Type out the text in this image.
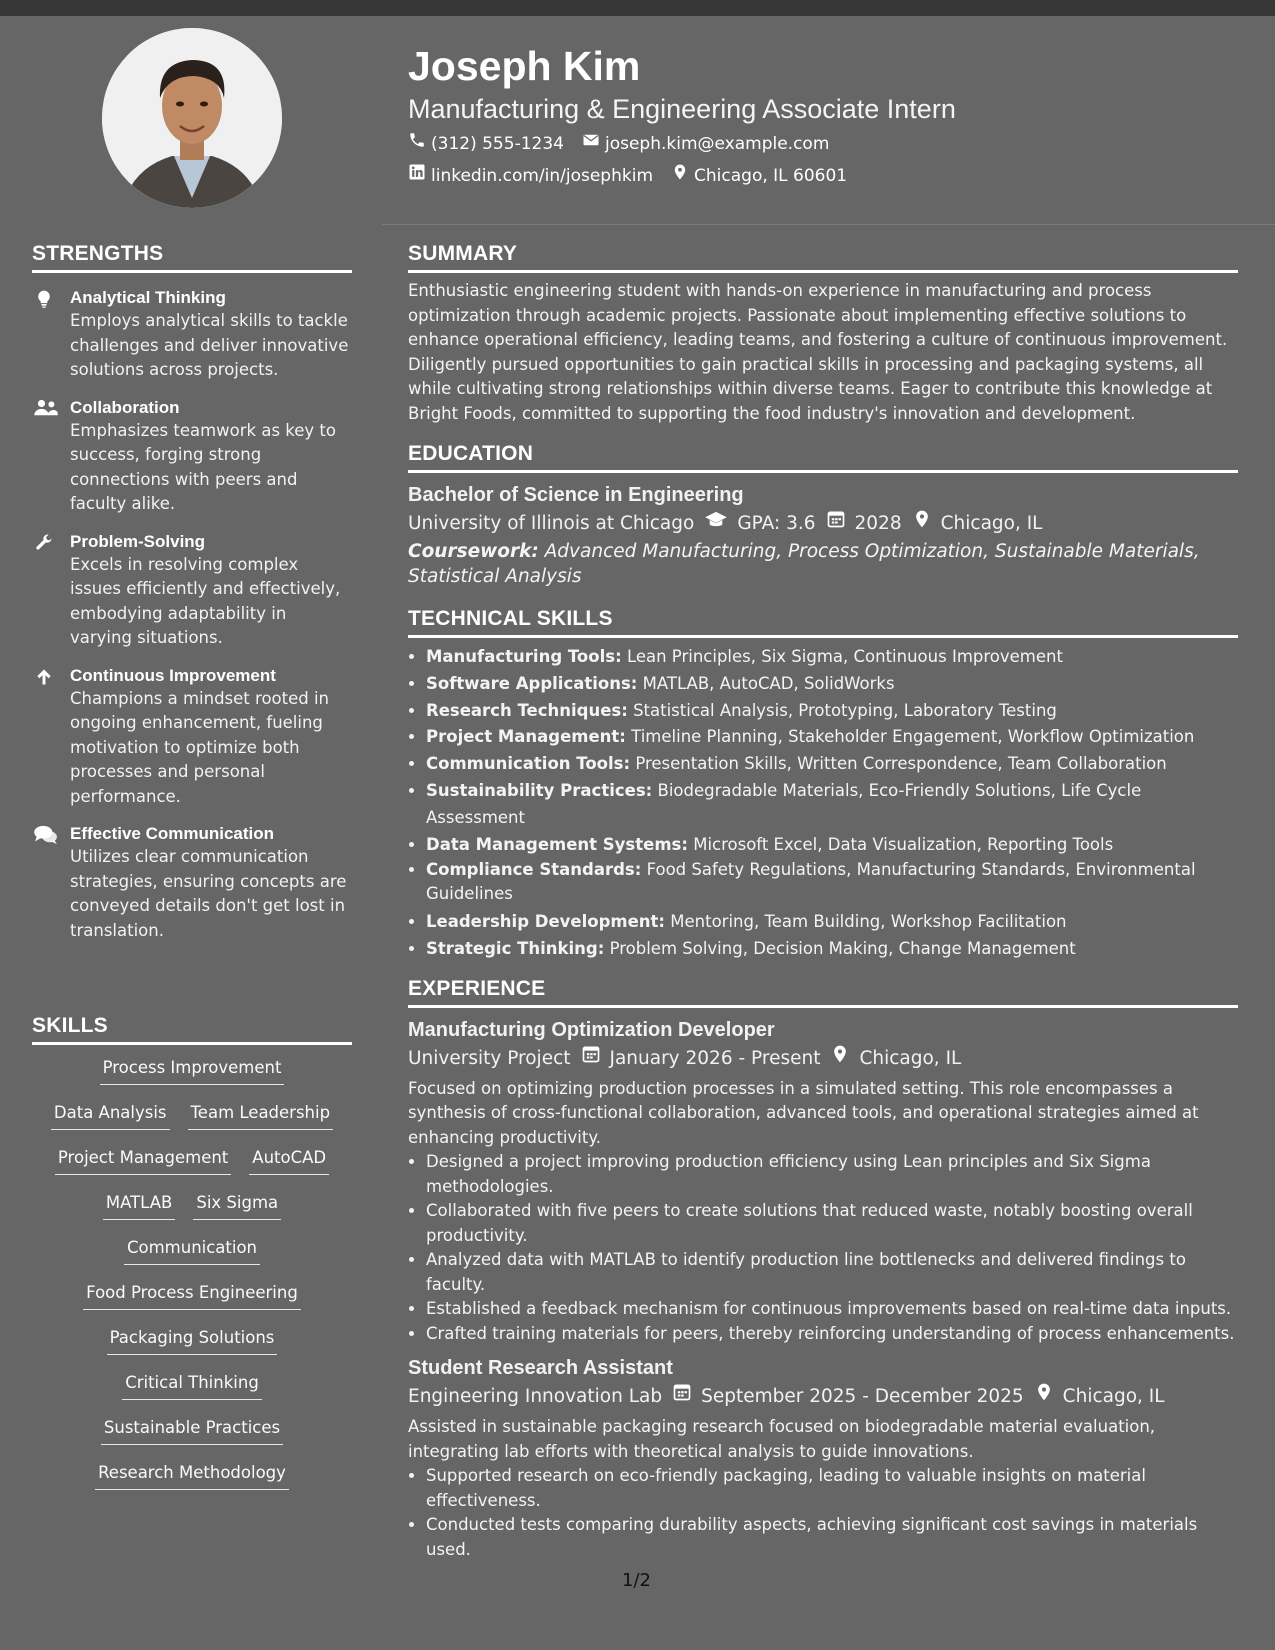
STRENGTHS
Analytical Thinking
Employs analytical skills to tackle challenges and deliver innovative solutions across projects.
Collaboration
Emphasizes teamwork as key to success, forging strong connections with peers and faculty alike.
Problem-Solving
Excels in resolving complex issues efficiently and effectively, embodying adaptability in varying situations.
Continuous Improvement
Champions a mindset rooted in ongoing enhancement, fueling motivation to optimize both processes and personal performance.
Effective Communication
Utilizes clear communication strategies, ensuring concepts are conveyed details don't get lost in translation.
SKILLS
Process Improvement
Data Analysis Team Leadership
Project Management AutoCAD
MATLAB Six Sigma
Communication
Food Process Engineering
Packaging Solutions
Critical Thinking
Sustainable Practices
Research Methodology
Joseph Kim
Manufacturing & Engineering Associate Intern
(312) 555-1234 joseph.kim@example.com
linkedin.com/in/josephkim Chicago, IL 60601
SUMMARY

Enthusiastic engineering student with hands-on experience in manufacturing and process optimization through academic projects. Passionate about implementing effective solutions to enhance operational efficiency, leading teams, and fostering a culture of continuous improvement. Diligently pursued opportunities to gain practical skills in processing and packaging systems, all while cultivating strong relationships within diverse teams. Eager to contribute this knowledge at Bright Foods, committed to supporting the food industry's innovation and development.

EDUCATION
Bachelor of Science in Engineering
University of Illinois at Chicago GPA: 3.6 2028 Chicago, IL
Coursework: Advanced Manufacturing, Process Optimization, Sustainable Materials, Statistical Analysis
TECHNICAL SKILLS
• Manufacturing Tools: Lean Principles, Six Sigma, Continuous Improvement
• Software Applications: MATLAB, AutoCAD, SolidWorks
• Research Techniques: Statistical Analysis, Prototyping, Laboratory Testing
• Project Management: Timeline Planning, Stakeholder Engagement, Workflow Optimization
• Communication Tools: Presentation Skills, Written Correspondence, Team Collaboration
• Sustainability Practices: Biodegradable Materials, Eco-Friendly Solutions, Life Cycle Assessment
• Data Management Systems: Microsoft Excel, Data Visualization, Reporting Tools
• Compliance Standards: Food Safety Regulations, Manufacturing Standards, Environmental Guidelines
• Leadership Development: Mentoring, Team Building, Workshop Facilitation
• Strategic Thinking: Problem Solving, Decision Making, Change Management
EXPERIENCE
Manufacturing Optimization Developer
University Project January 2026 - Present Chicago, IL

Focused on optimizing production processes in a simulated setting. This role encompasses a synthesis of cross-functional collaboration, advanced tools, and operational strategies aimed at enhancing productivity.

• Designed a project improving production efficiency using Lean principles and Six Sigma methodologies.
• Collaborated with five peers to create solutions that reduced waste, notably boosting overall productivity.
• Analyzed data with MATLAB to identify production line bottlenecks and delivered findings to faculty.
• Established a feedback mechanism for continuous improvements based on real-time data inputs.
• Crafted training materials for peers, thereby reinforcing understanding of process enhancements.
Student Research Assistant
Engineering Innovation Lab September 2025 - December 2025 Chicago, IL

Assisted in sustainable packaging research focused on biodegradable material evaluation, integrating lab efforts with theoretical analysis to guide innovations.

• Supported research on eco-friendly packaging, leading to valuable insights on material effectiveness.
• Conducted tests comparing durability aspects, achieving significant cost savings in materials used.
1/2
